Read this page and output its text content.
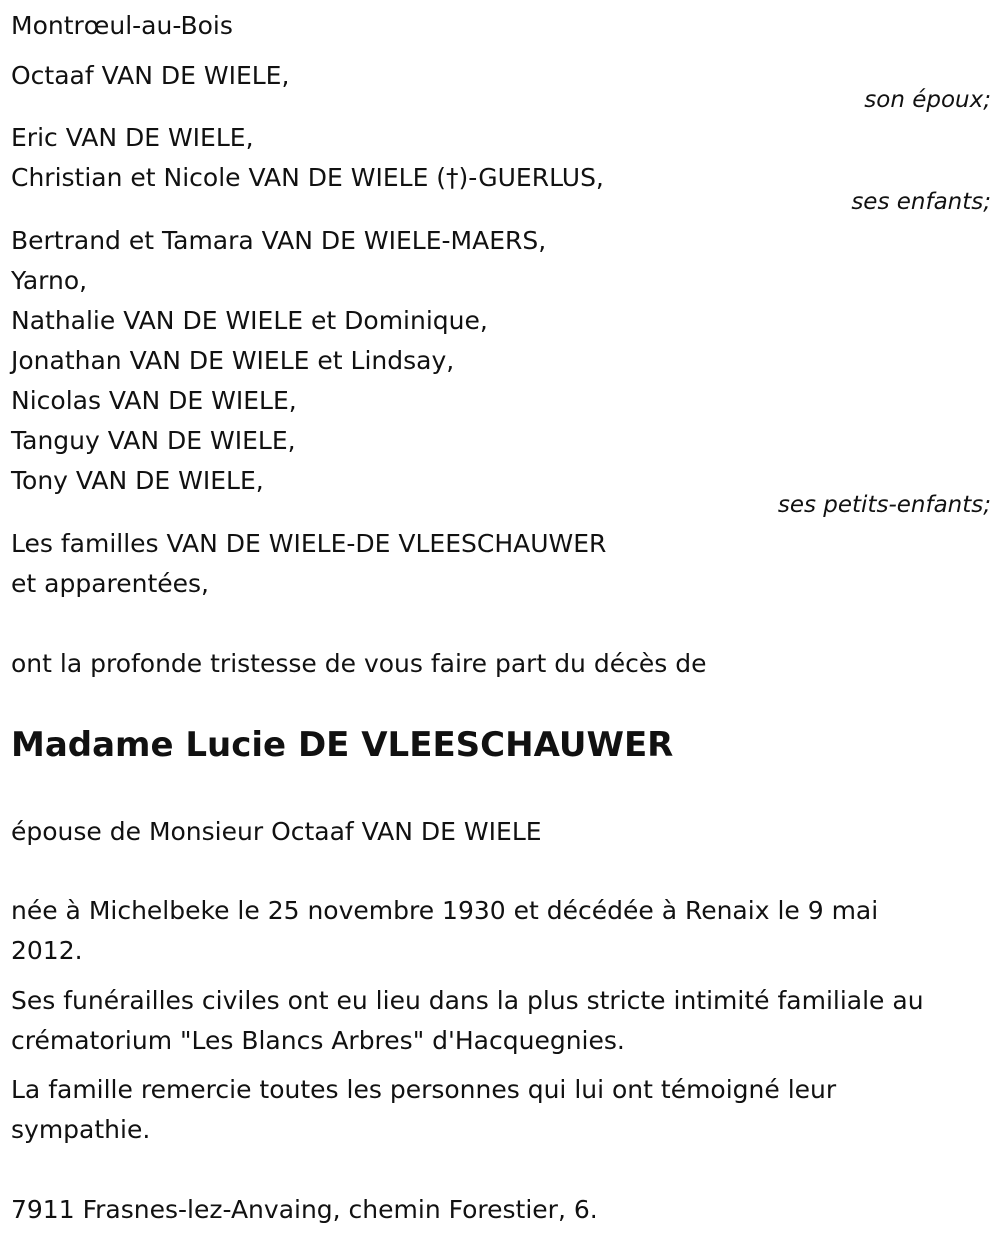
Montrœul-au-Bois
Octaaf VAN DE WIELE,
son époux;
Eric VAN DE WIELE,
Christian et Nicole VAN DE WIELE (†)-GUERLUS,
ses enfants;
Bertrand et Tamara VAN DE WIELE-MAERS,
Yarno,
Nathalie VAN DE WIELE et Dominique,
Jonathan VAN DE WIELE et Lindsay,
Nicolas VAN DE WIELE,
Tanguy VAN DE WIELE,
Tony VAN DE WIELE,
ses petits-enfants;
Les familles VAN DE WIELE-DE VLEESCHAUWER
et apparentées,
ont la profonde tristesse de vous faire part du décès de
Madame Lucie DE VLEESCHAUWER
épouse de Monsieur Octaaf VAN DE WIELE
née à Michelbeke le 25 novembre 1930 et décédée à Renaix le 9 mai 2012.
Ses funérailles civiles ont eu lieu dans la plus stricte intimité familiale au crématorium "Les Blancs Arbres" d'Hacquegnies.
La famille remercie toutes les personnes qui lui ont témoigné leur sympathie.
7911 Frasnes-lez-Anvaing, chemin Forestier, 6.
